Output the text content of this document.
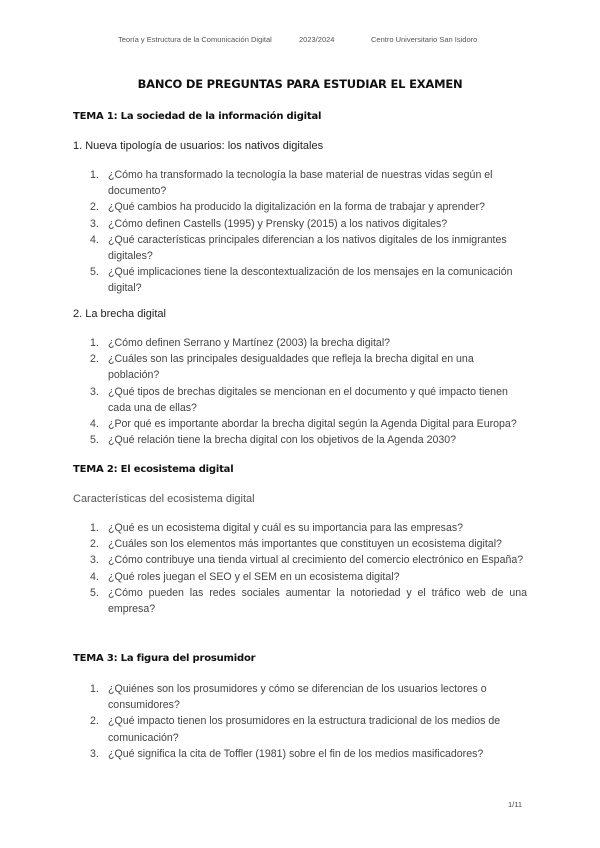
Teoría y Estructura de la Comunicación Digital	2023/2024	Centro Universitario San Isidoro
BANCO DE PREGUNTAS PARA ESTUDIAR EL EXAMEN
TEMA 1: La sociedad de la información digital
1. Nueva tipología de usuarios: los nativos digitales
1. ¿Cómo ha transformado la tecnología la base material de nuestras vidas según el documento?
2. ¿Qué cambios ha producido la digitalización en la forma de trabajar y aprender?
3. ¿Cómo definen Castells (1995) y Prensky (2015) a los nativos digitales?
4. ¿Qué características principales diferencian a los nativos digitales de los inmigrantes digitales?
5. ¿Qué implicaciones tiene la descontextualización de los mensajes en la comunicación digital?
2. La brecha digital
1. ¿Cómo definen Serrano y Martínez (2003) la brecha digital?
2. ¿Cuáles son las principales desigualdades que refleja la brecha digital en una población?
3. ¿Qué tipos de brechas digitales se mencionan en el documento y qué impacto tienen cada una de ellas?
4. ¿Por qué es importante abordar la brecha digital según la Agenda Digital para Europa?
5. ¿Qué relación tiene la brecha digital con los objetivos de la Agenda 2030?
TEMA 2: El ecosistema digital
Características del ecosistema digital
1. ¿Qué es un ecosistema digital y cuál es su importancia para las empresas?
2. ¿Cuáles son los elementos más importantes que constituyen un ecosistema digital?
3. ¿Cómo contribuye una tienda virtual al crecimiento del comercio electrónico en España?
4. ¿Qué roles juegan el SEO y el SEM en un ecosistema digital?
5. ¿Cómo pueden las redes sociales aumentar la notoriedad y el tráfico web de una empresa?
TEMA 3: La figura del prosumidor
1. ¿Quiénes son los prosumidores y cómo se diferencian de los usuarios lectores o consumidores?
2. ¿Qué impacto tienen los prosumidores en la estructura tradicional de los medios de comunicación?
3. ¿Qué significa la cita de Toffler (1981) sobre el fin de los medios masificadores?
1/11
